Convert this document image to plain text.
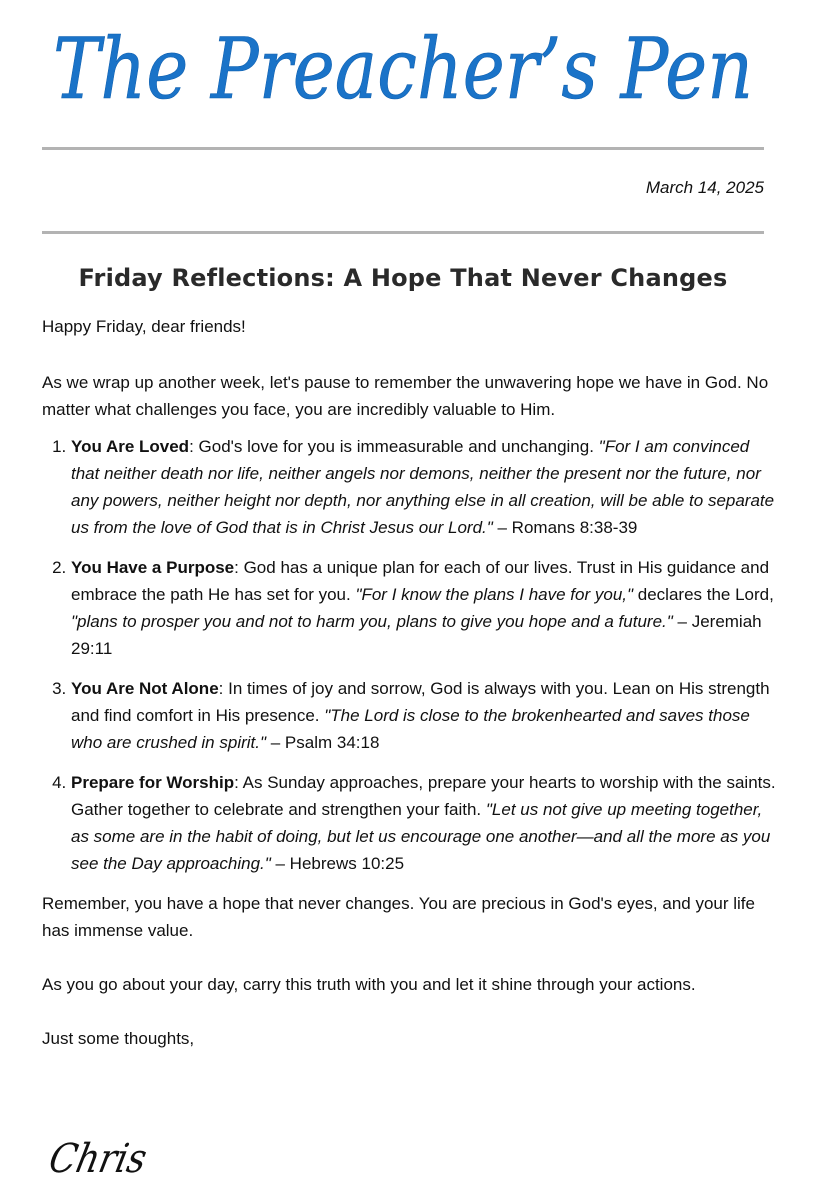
The Preacher’s Pen
March 14, 2025
Friday Reflections: A Hope That Never Changes

Happy Friday, dear friends!

As we wrap up another week, let's pause to remember the unwavering hope we have in God. No matter what challenges you face, you are incredibly valuable to Him.

1. You Are Loved: God's love for you is immeasurable and unchanging. "For I am convinced that neither death nor life, neither angels nor demons, neither the present nor the future, nor any powers, neither height nor depth, nor anything else in all creation, will be able to separate us from the love of God that is in Christ Jesus our Lord." – Romans 8:38-39
2. You Have a Purpose: God has a unique plan for each of our lives. Trust in His guidance and embrace the path He has set for you. "For I know the plans I have for you," declares the Lord, "plans to prosper you and not to harm you, plans to give you hope and a future." – Jeremiah 29:11
3. You Are Not Alone: In times of joy and sorrow, God is always with you. Lean on His strength and find comfort in His presence. "The Lord is close to the brokenhearted and saves those who are crushed in spirit." – Psalm 34:18
4. Prepare for Worship: As Sunday approaches, prepare your hearts to worship with the saints. Gather together to celebrate and strengthen your faith. "Let us not give up meeting together, as some are in the habit of doing, but let us encourage one another—and all the more as you see the Day approaching." – Hebrews 10:25

Remember, you have a hope that never changes. You are precious in God's eyes, and your life has immense value.

As you go about your day, carry this truth with you and let it shine through your actions.

Just some thoughts,

Chris
